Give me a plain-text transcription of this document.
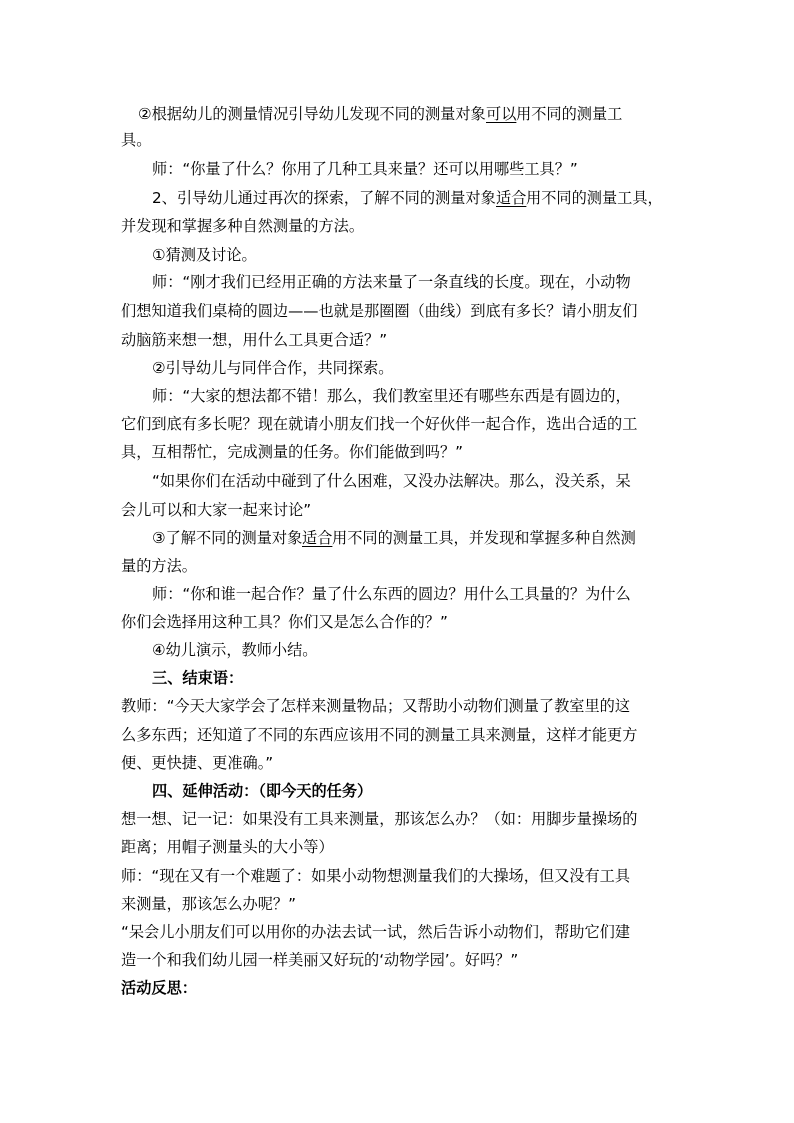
②根据幼儿的测量情况引导幼儿发现不同的测量对象 可以 用不同的测量工
具。
师：“你量了什么？你用了几种工具来量？还可以用哪些工具？”
2、引导幼儿通过再次的探索，了解不同的测量对象 适合 用不同的测量工具，
并发现和掌握多种自然测量的方法。
①猜测及讨论。
师：“刚才我们已经用正确的方法来量了一条直线的长度。现在，小动物
们想知道我们桌椅的圆边——也就是那圈圈（曲线）到底有多长？请小朋友们
动脑筋来想一想，用什么工具更合适？”
②引导幼儿与同伴合作，共同探索。
师：“大家的想法都不错！那么，我们教室里还有哪些东西是有圆边的，
它们到底有多长呢？现在就请小朋友们找一个好伙伴一起合作，选出合适的工
具，互相帮忙，完成测量的任务。你们能做到吗？”
“如果你们在活动中碰到了什么困难，又没办法解决。那么，没关系，呆
会儿可以和大家一起来讨论”
③了解不同的测量对象 适合 用不同的测量工具，并发现和掌握多种自然测
量的方法。
师：“你和谁一起合作？量了什么东西的圆边？用什么工具量的？为什么
你们会选择用这种工具？你们又是怎么合作的？”
④幼儿演示，教师小结。
三、结束语：
教师：“今天大家学会了怎样来测量物品；又帮助小动物们测量了教室里的这
么多东西；还知道了不同的东西应该用不同的测量工具来测量，这样才能更方
便、更快捷、更准确。”
四、延伸活动：（即今天的任务）
想一想、记一记：如果没有工具来测量，那该怎么办？（如：用脚步量操场的
距离；用帽子测量头的大小等）
师：“现在又有一个难题了：如果小动物想测量我们的大操场，但又没有工具
来测量，那该怎么办呢？”
“呆会儿小朋友们可以用你的办法去试一试，然后告诉小动物们，帮助它们建
造一个和我们幼儿园一样美丽又好玩的‘动物学园’。好吗？”
活动反思：
